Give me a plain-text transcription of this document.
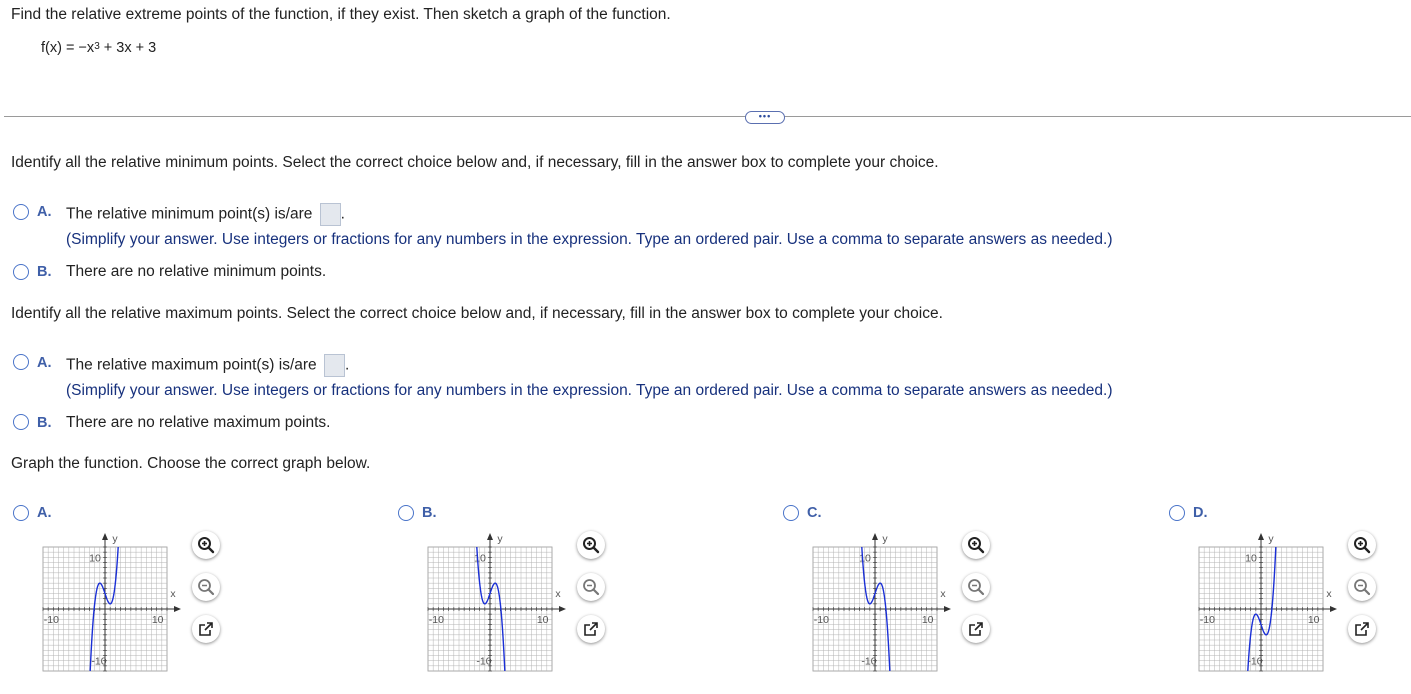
Find the relative extreme points of the function, if they exist. Then sketch a graph of the function.
$f(x) = -x^3 + 3x + 3$
•••
Identify all the relative minimum points. Select the correct choice below and, if necessary, fill in the answer box to complete your choice.
A. The relative minimum point(s) is/are .
(Simplify your answer. Use integers or fractions for any numbers in the expression. Type an ordered pair. Use a comma to separate answers as needed.)
B. There are no relative minimum points.
Identify all the relative maximum points. Select the correct choice below and, if necessary, fill in the answer box to complete your choice.
A. The relative maximum point(s) is/are .
(Simplify your answer. Use integers or fractions for any numbers in the expression. Type an ordered pair. Use a comma to separate answers as needed.)
B. There are no relative maximum points.
Graph the function. Choose the correct graph below.
A.
10
-10
-10	10
x
y
B.
10
-10
-10	10
x
y
C.
10
-10
-10	10
x
y
D.
10
-10
-10	10
x
y
